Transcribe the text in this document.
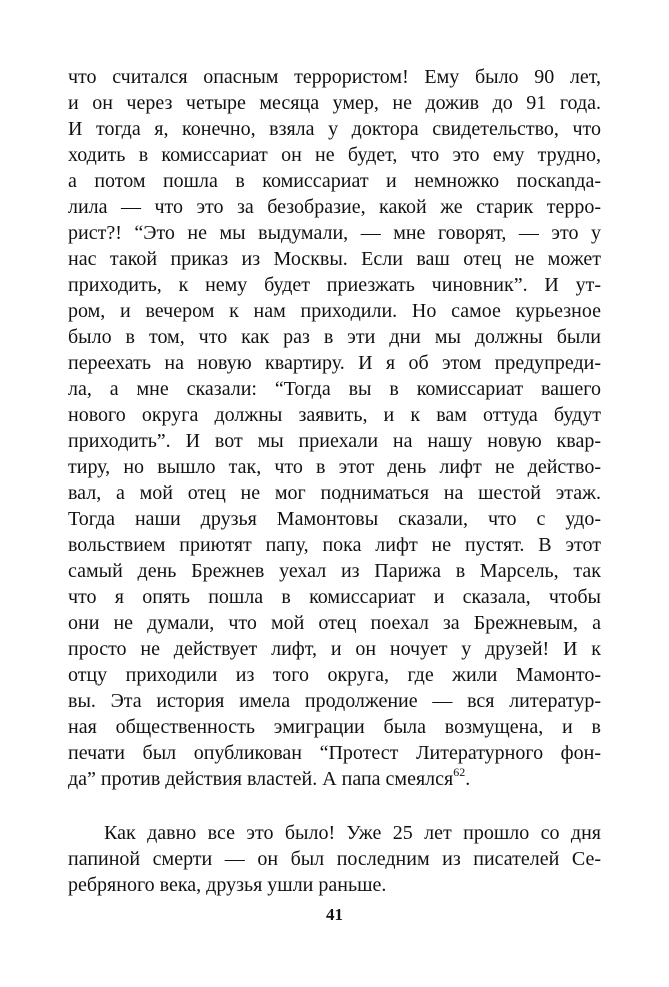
что считался опасным террористом! Ему было 90 лет,
и он через четыре месяца умер, не дожив до 91 года.
И тогда я, конечно, взяла у доктора свидетельство, что
ходить в комиссариат он не будет, что это ему трудно,
а потом пошла в комиссариат и немножко поскanда-
лила — что это за безобразие, какой же старик терро-
рист?! “Это не мы выдумали, — мне говорят, — это у
нас такой приказ из Москвы. Если ваш отец не может
приходить, к нему будет приезжать чиновник”. И ут-
ром, и вечером к нам приходили. Но самое курьезное
было в том, что как раз в эти дни мы должны были
переехать на новую квартиру. И я об этом предупреди-
ла, а мне сказали: “Тогда вы в комиссариат вашего
нового округа должны заявить, и к вам оттуда будут
приходить”. И вот мы приехали на нашу новую квар-
тиру, но вышло так, что в этот день лифт не действо-
вал, а мой отец не мог подниматься на шестой этаж.
Тогда наши друзья Мамонтовы сказали, что с удо-
вольствием приютят папу, пока лифт не пустят. В этот
самый день Брежнев уехал из Парижа в Марсель, так
что я опять пошла в комиссариат и сказала, чтобы
они не думали, что мой отец поехал за Брежневым, а
просто не действует лифт, и он ночует у друзей! И к
отцу приходили из того округа, где жили Мамонто-
вы. Эта история имела продолжение — вся литератур-
ная общественность эмиграции была возмущена, и в
печати был опубликован “Протест Литературного фон-
да” против действия властей. А папа смеялся$^{62}$.
Как давно все это было! Уже 25 лет прошло со дня
папиной смерти — он был последним из писателей Се-
ребряного века, друзья ушли раньше.
41
